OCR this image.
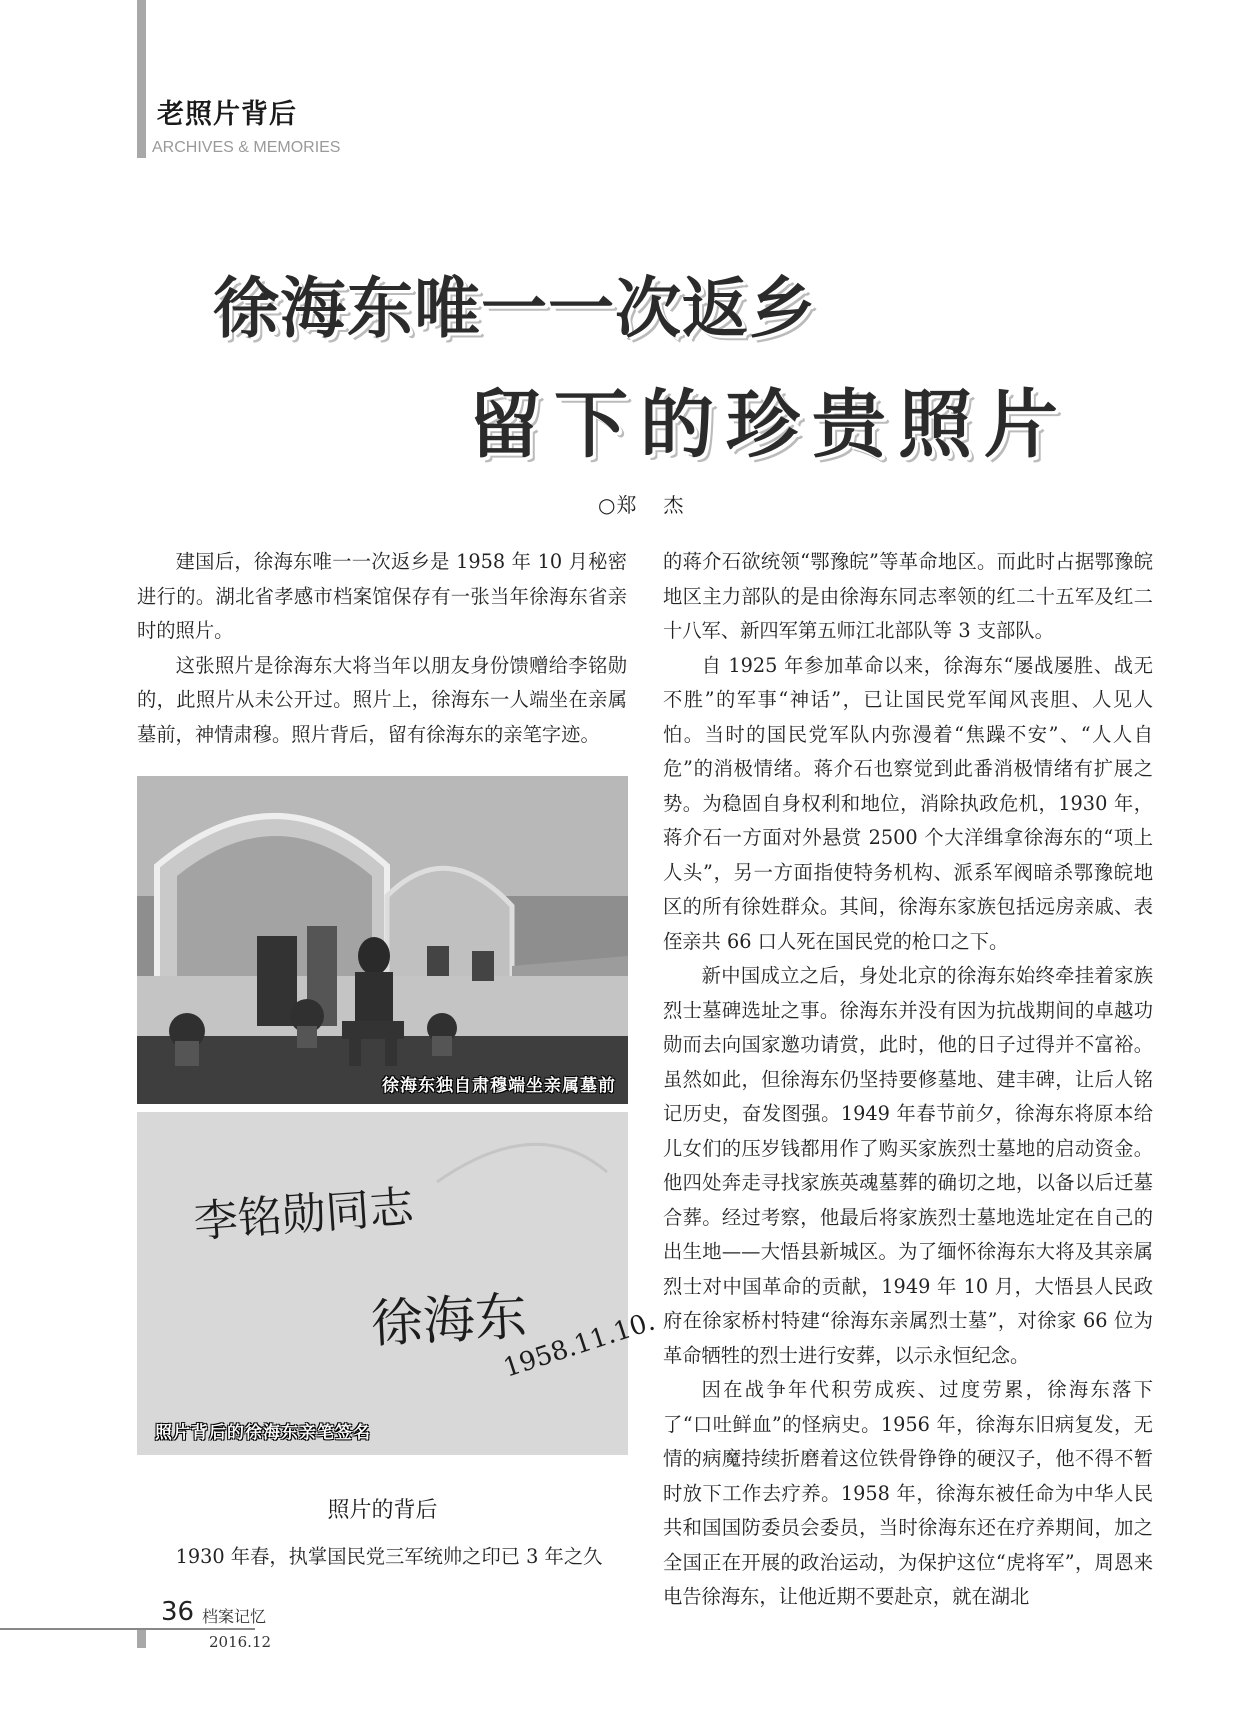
老照片背后
ARCHIVES & MEMORIES
徐海东唯一一次返乡
留下的珍贵照片
○郑 杰

建国后，徐海东唯一一次返乡是 1958 年 10 月秘密进行的。湖北省孝感市档案馆保存有一张当年徐海东省亲时的照片。

这张照片是徐海东大将当年以朋友身份馈赠给李铭勋的，此照片从未公开过。照片上，徐海东一人端坐在亲属墓前，神情肃穆。照片背后，留有徐海东的亲笔字迹。

徐海东独自肃穆端坐亲属墓前
李铭勋同志
徐海东
1958.11.10.
照片背后的徐海东亲笔签名
照片的背后
1930 年春，执掌国民党三军统帅之印已 3 年之久

的蒋介石欲统领“鄂豫皖”等革命地区。而此时占据鄂豫皖地区主力部队的是由徐海东同志率领的红二十五军及红二十八军、新四军第五师江北部队等 3 支部队。

自 1925 年参加革命以来，徐海东“屡战屡胜、战无不胜”的军事“神话”，已让国民党军闻风丧胆、人见人怕。当时的国民党军队内弥漫着“焦躁不安”、“人人自危”的消极情绪。蒋介石也察觉到此番消极情绪有扩展之势。为稳固自身权利和地位，消除执政危机，1930 年，蒋介石一方面对外悬赏 2500 个大洋缉拿徐海东的“项上人头”，另一方面指使特务机构、派系军阀暗杀鄂豫皖地区的所有徐姓群众。其间，徐海东家族包括远房亲戚、表侄亲共 66 口人死在国民党的枪口之下。

新中国成立之后，身处北京的徐海东始终牵挂着家族烈士墓碑选址之事。徐海东并没有因为抗战期间的卓越功勋而去向国家邀功请赏，此时，他的日子过得并不富裕。虽然如此，但徐海东仍坚持要修墓地、建丰碑，让后人铭记历史，奋发图强。1949 年春节前夕，徐海东将原本给儿女们的压岁钱都用作了购买家族烈士墓地的启动资金。他四处奔走寻找家族英魂墓葬的确切之地，以备以后迁墓合葬。经过考察，他最后将家族烈士墓地选址定在自己的出生地——大悟县新城区。为了缅怀徐海东大将及其亲属烈士对中国革命的贡献，1949 年 10 月，大悟县人民政府在徐家桥村特建“徐海东亲属烈士墓”，对徐家 66 位为革命牺牲的烈士进行安葬，以示永恒纪念。

因在战争年代积劳成疾、过度劳累，徐海东落下了“口吐鲜血”的怪病史。1956 年，徐海东旧病复发，无情的病魔持续折磨着这位铁骨铮铮的硬汉子，他不得不暂时放下工作去疗养。1958 年，徐海东被任命为中华人民共和国国防委员会委员，当时徐海东还在疗养期间，加之全国正在开展的政治运动，为保护这位“虎将军”，周恩来电告徐海东，让他近期不要赴京，就在湖北

36 档案记忆
2016.12
